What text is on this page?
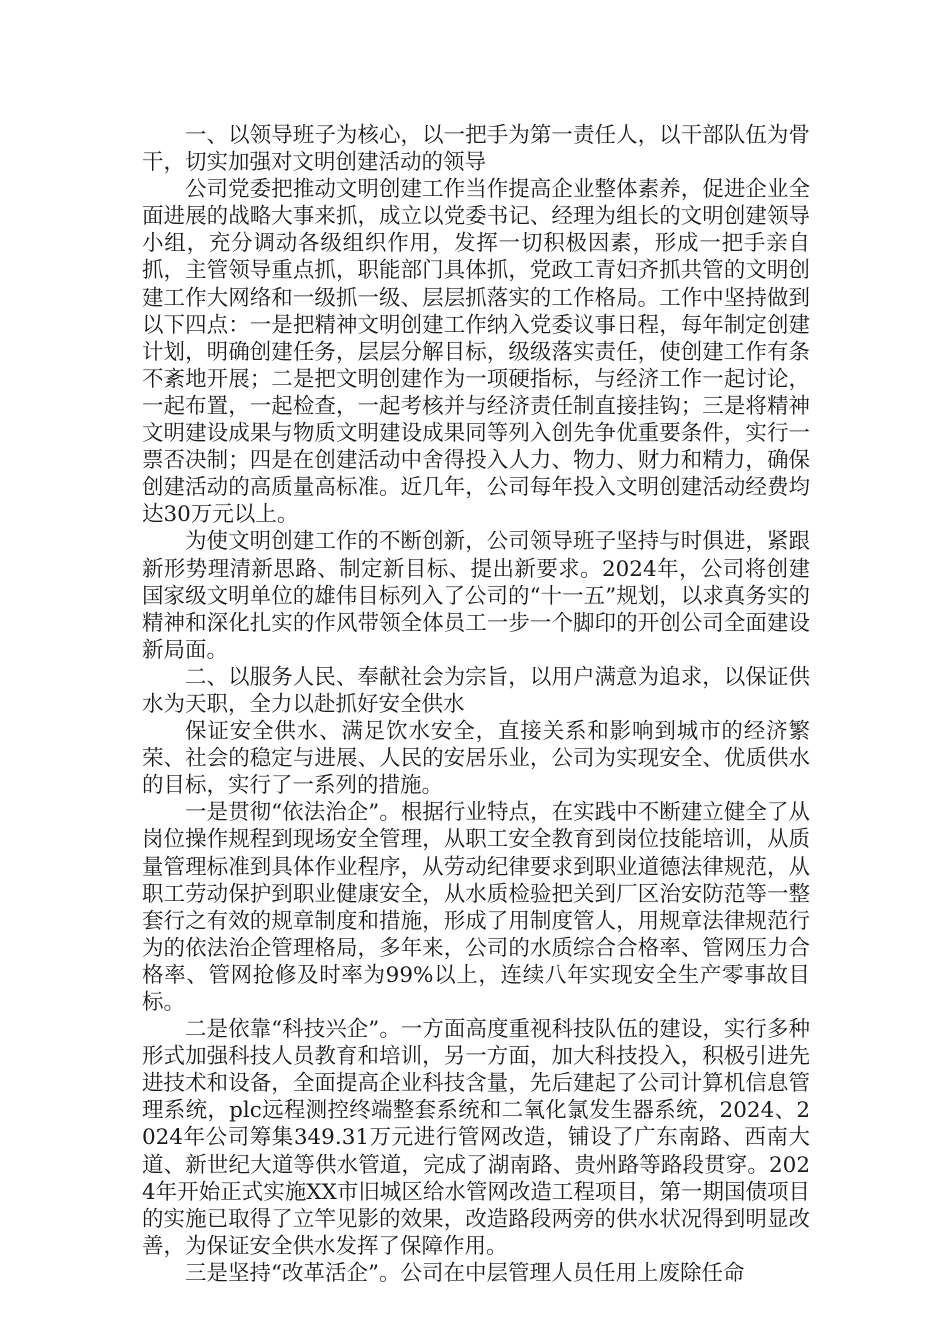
一、以领导班子为核心，以一把手为第一责任人，以干部队伍为骨干，切实加强对文明创建活动的领导

公司党委把推动文明创建工作当作提高企业整体素养，促进企业全面进展的战略大事来抓，成立以党委书记、经理为组长的文明创建领导小组，充分调动各级组织作用，发挥一切积极因素，形成一把手亲自抓，主管领导重点抓，职能部门具体抓，党政工青妇齐抓共管的文明创建工作大网络和一级抓一级、层层抓落实的工作格局。工作中坚持做到以下四点：一是把精神文明创建工作纳入党委议事日程，每年制定创建计划，明确创建任务，层层分解目标，级级落实责任，使创建工作有条不紊地开展；二是把文明创建作为一项硬指标，与经济工作一起讨论，一起布置，一起检查，一起考核并与经济责任制直接挂钩；三是将精神文明建设成果与物质文明建设成果同等列入创先争优重要条件，实行一票否决制；四是在创建活动中舍得投入人力、物力、财力和精力，确保创建活动的高质量高标准。近几年，公司每年投入文明创建活动经费均达30万元以上。

为使文明创建工作的不断创新，公司领导班子坚持与时俱进，紧跟新形势理清新思路、制定新目标、提出新要求。2024年，公司将创建国家级文明单位的雄伟目标列入了公司的“十一五”规划，以求真务实的精神和深化扎实的作风带领全体员工一步一个脚印的开创公司全面建设新局面。

二、以服务人民、奉献社会为宗旨，以用户满意为追求，以保证供水为天职，全力以赴抓好安全供水

保证安全供水、满足饮水安全，直接关系和影响到城市的经济繁荣、社会的稳定与进展、人民的安居乐业，公司为实现安全、优质供水的目标，实行了一系列的措施。

一是贯彻“依法治企”。根据行业特点，在实践中不断建立健全了从岗位操作规程到现场安全管理，从职工安全教育到岗位技能培训，从质量管理标准到具体作业程序，从劳动纪律要求到职业道德法律规范，从职工劳动保护到职业健康安全，从水质检验把关到厂区治安防范等一整套行之有效的规章制度和措施，形成了用制度管人，用规章法律规范行为的依法治企管理格局，多年来，公司的水质综合合格率、管网压力合格率、管网抢修及时率为99%以上，连续八年实现安全生产零事故目标。

二是依靠“科技兴企”。一方面高度重视科技队伍的建设，实行多种形式加强科技人员教育和培训，另一方面，加大科技投入，积极引进先进技术和设备，全面提高企业科技含量，先后建起了公司计算机信息管理系统，plc远程测控终端整套系统和二氧化氯发生器系统，2024、2024年公司筹集349.31万元进行管网改造，铺设了广东南路、西南大道、新世纪大道等供水管道，完成了湖南路、贵州路等路段贯穿。2024年开始正式实施XX市旧城区给水管网改造工程项目，第一期国债项目的实施已取得了立竿见影的效果，改造路段两旁的供水状况得到明显改善，为保证安全供水发挥了保障作用。

三是坚持“改革活企”。公司在中层管理人员任用上废除任命
